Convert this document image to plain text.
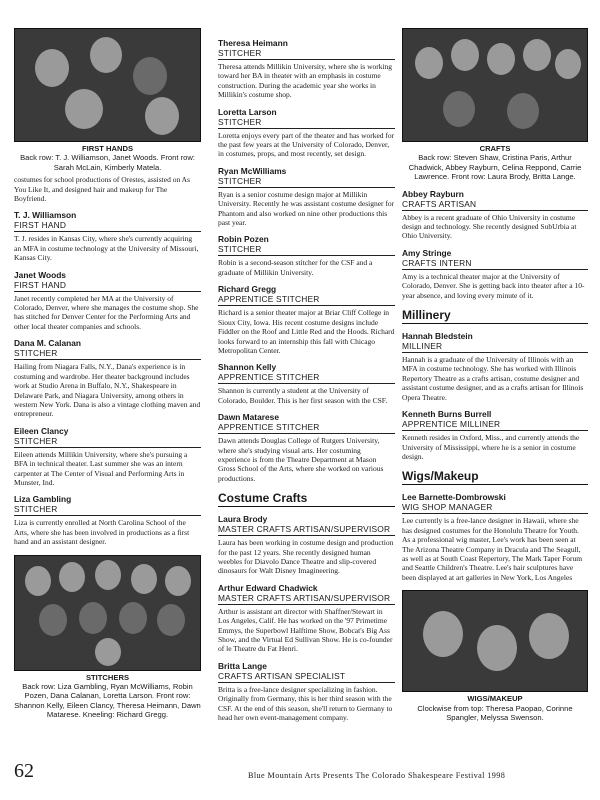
FIRST HANDS
Back row: T. J. Williamson, Janet Woods. Front row: Sarah McLain, Kimberly Matela.
costumes for school productions of Orestes, assisted on As You Like It, and designed hair and makeup for The Boyfriend.
T. J. Williamson
FIRST HAND
T. J. resides in Kansas City, where she's currently acquiring an MFA in costume technology at the University of Missouri, Kansas City.
Janet Woods
FIRST HAND
Janet recently completed her MA at the University of Colorado, Denver, where she manages the costume shop. She has stitched for Denver Center for the Performing Arts and other local theater companies and schools.
Dana M. Calanan
STITCHER
Hailing from Niagara Falls, N.Y., Dana's experience is in costuming and wardrobe. Her theater background includes work at Studio Arena in Buffalo, N.Y., Shakespeare in Delaware Park, and Niagara University, among others in western New York. Dana is also a vintage clothing maven and entrepreneur.
Eileen Clancy
STITCHER
Eileen attends Millikin University, where she's pursuing a BFA in technical theater. Last summer she was an intern carpenter at The Center of Visual and Performing Arts in Munster, Ind.
Liza Gambling
STITCHER
Liza is currently enrolled at North Carolina School of the Arts, where she has been involved in productions as a first hand and an assistant designer.
STITCHERS
Back row: Liza Gambling, Ryan McWilliams, Robin Pozen, Dana Calanan, Loretta Larson. Front row: Shannon Kelly, Eileen Clancy, Theresa Heimann, Dawn Matarese. Kneeling: Richard Gregg.
Theresa Heimann
STITCHER
Theresa attends Millikin University, where she is working toward her BA in theater with an emphasis in costume construction. During the academic year she works in Millikin's costume shop.
Loretta Larson
STITCHER
Loretta enjoys every part of the theater and has worked for the past few years at the University of Colorado, Denver, in costumes, props, and most recently, set design.
Ryan McWilliams
STITCHER
Ryan is a senior costume design major at Millikin University. Recently he was assistant costume designer for Phantom and also worked on nine other productions this past year.
Robin Pozen
STITCHER
Robin is a second-season stitcher for the CSF and a graduate of Millikin University.
Richard Gregg
APPRENTICE STITCHER
Richard is a senior theater major at Briar Cliff College in Sioux City, Iowa. His recent costume designs include Fiddler on the Roof and Little Red and the Hoods. Richard looks forward to an internship this fall with Chicago Metropolitan Center.
Shannon Kelly
APPRENTICE STITCHER
Shannon is currently a student at the University of Colorado, Boulder. This is her first season with the CSF.
Dawn Matarese
APPRENTICE STITCHER
Dawn attends Douglas College of Rutgers University, where she's studying visual arts. Her costuming experience is from the Theatre Department at Mason Gross School of the Arts, where she worked on various productions.
Costume Crafts
Laura Brody
MASTER CRAFTS ARTISAN/SUPERVISOR
Laura has been working in costume design and production for the past 12 years. She recently designed human weebles for Diavolo Dance Theatre and slip-covered dinosaurs for Walt Disney Imagineering.
Arthur Edward Chadwick
MASTER CRAFTS ARTISAN/SUPERVISOR
Arthur is assistant art director with Shaffner/Stewart in Los Angeles, Calif. He has worked on the '97 Primetime Emmys, the Superbowl Halftime Show, Bobcat's Big Ass Show, and the Virtual Ed Sullivan Show. He is co-founder of le Theatre du Fat Henri.
Britta Lange
CRAFTS ARTISAN SPECIALIST
Britta is a free-lance designer specializing in fashion. Originally from Germany, this is her third season with the CSF. At the end of this season, she'll return to Germany to head her own event-management company.
CRAFTS
Back row: Steven Shaw, Cristina Paris, Arthur Chadwick, Abbey Rayburn, Celina Reppond, Carrie Lawrence. Front row: Laura Brody, Britta Lange.
Abbey Rayburn
CRAFTS ARTISAN
Abbey is a recent graduate of Ohio University in costume design and technology. She recently designed SubUrbia at Ohio University.
Amy Stringe
CRAFTS INTERN
Amy is a technical theater major at the University of Colorado, Denver. She is getting back into theater after a 10-year absence, and loving every minute of it.
Millinery
Hannah Bledstein
MILLINER
Hannah is a graduate of the University of Illinois with an MFA in costume technology. She has worked with Illinois Repertory Theatre as a crafts artisan, costume designer and assistant costume designer, and as a crafts artisan for Illinois Opera Theatre.
Kenneth Burns Burrell
APPRENTICE MILLINER
Kenneth resides in Oxford, Miss., and currently attends the University of Mississippi, where he is a senior in costume design.
Wigs/Makeup
Lee Barnette-Dombrowski
WIG SHOP MANAGER
Lee currently is a free-lance designer in Hawaii, where she has designed costumes for the Honolulu Theatre for Youth. As a professional wig master, Lee's work has been seen at The Arizona Theatre Company in Dracula and The Seagull, as well as at South Coast Repertory, The Mark Taper Forum and Seattle Children's Theatre. Lee's hair sculptures have been displayed at art galleries in New York, Los Angeles
WIGS/MAKEUP
Clockwise from top: Theresa Paopao, Corinne Spangler, Melyssa Swenson.
62	Blue Mountain Arts Presents The Colorado Shakespeare Festival 1998
